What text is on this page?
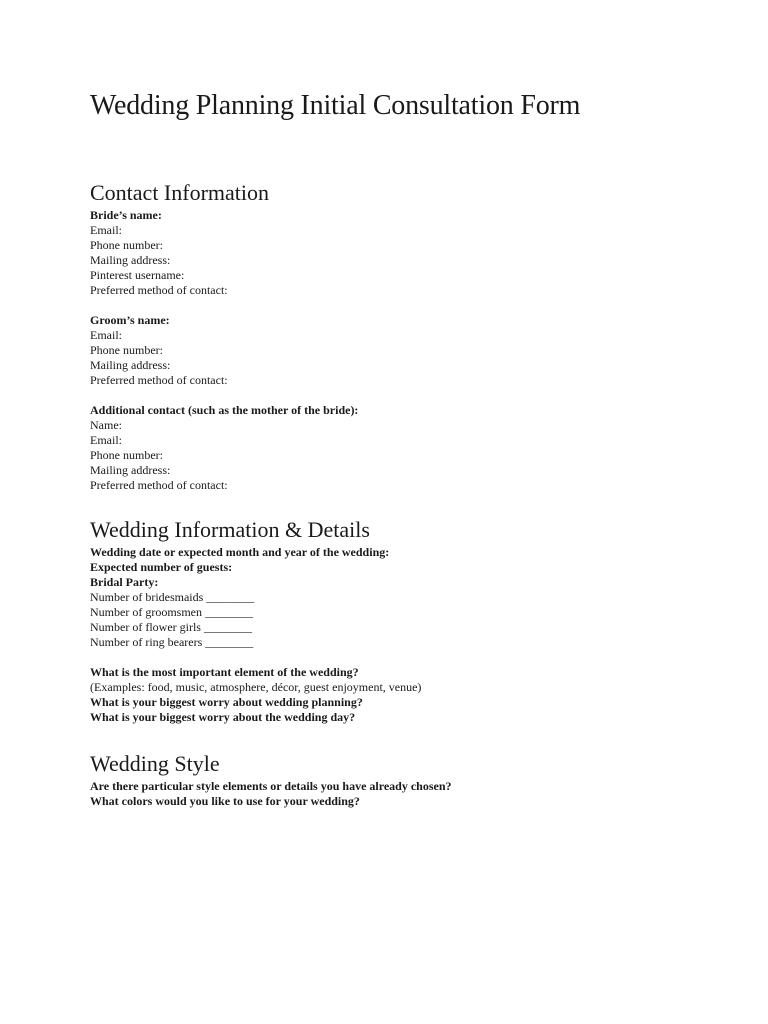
Wedding Planning Initial Consultation Form
Contact Information
Bride’s name:
Email:
Phone number:
Mailing address:
Pinterest username:
Preferred method of contact:
Groom’s name:
Email:
Phone number:
Mailing address:
Preferred method of contact:
Additional contact (such as the mother of the bride):
Name:
Email:
Phone number:
Mailing address:
Preferred method of contact:
Wedding Information & Details
Wedding date or expected month and year of the wedding:
Expected number of guests:
Bridal Party:
Number of bridesmaids ________
Number of groomsmen ________
Number of flower girls ________
Number of ring bearers ________
What is the most important element of the wedding?
(Examples: food, music, atmosphere, décor, guest enjoyment, venue)
What is your biggest worry about wedding planning?
What is your biggest worry about the wedding day?
Wedding Style
Are there particular style elements or details you have already chosen?
What colors would you like to use for your wedding?
